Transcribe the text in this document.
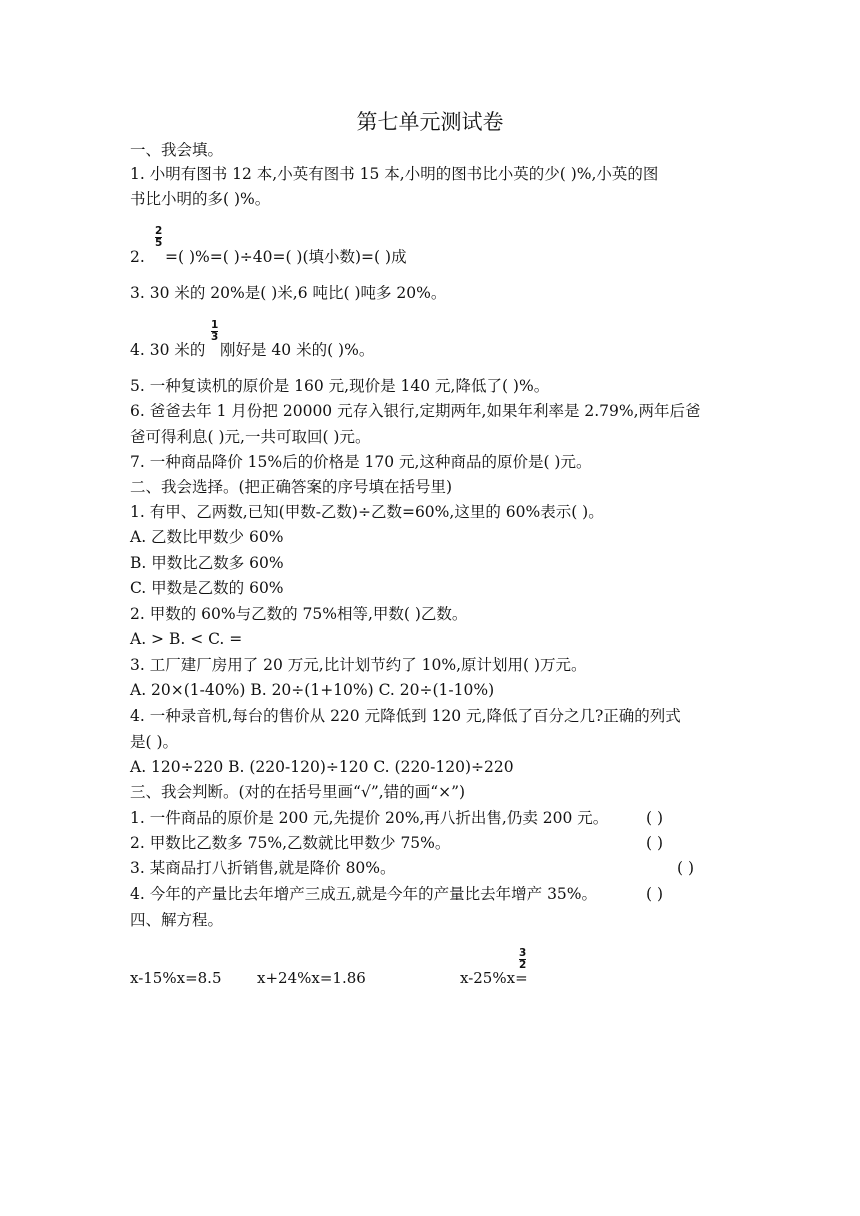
第七单元测试卷
一、我会填。
1. 小明有图书 12 本,小英有图书 15 本,小明的图书比小英的少( )%,小英的图
书比小明的多( )%。
2.
2
5
=( )%=( )÷40=( )(填小数)=( )成
3. 30 米的 20%是( )米,6 吨比( )吨多 20%。
4. 30 米的
1
3
刚好是 40 米的( )%。
5. 一种复读机的原价是 160 元,现价是 140 元,降低了( )%。
6. 爸爸去年 1 月份把 20000 元存入银行,定期两年,如果年利率是 2.79%,两年后爸
爸可得利息( )元,一共可取回( )元。
7. 一种商品降价 15%后的价格是 170 元,这种商品的原价是( )元。
二、我会选择。(把正确答案的序号填在括号里)
1. 有甲、乙两数,已知(甲数-乙数)÷乙数=60%,这里的 60%表示( )。
A. 乙数比甲数少 60%
B. 甲数比乙数多 60%
C. 甲数是乙数的 60%
2. 甲数的 60%与乙数的 75%相等,甲数( )乙数。
A. > B. < C. =
3. 工厂建厂房用了 20 万元,比计划节约了 10%,原计划用( )万元。
A. 20×(1-40%) B. 20÷(1+10%) C. 20÷(1-10%)
4. 一种录音机,每台的售价从 220 元降低到 120 元,降低了百分之几?正确的列式
是( )。
A. 120÷220 B. (220-120)÷120 C. (220-120)÷220
三、我会判断。(对的在括号里画“√”,错的画“×”)
1. 一件商品的原价是 200 元,先提价 20%,再八折出售,仍卖 200 元。 ( )
2. 甲数比乙数多 75%,乙数就比甲数少 75%。	( )
3. 某商品打八折销售,就是降价 80%。	( )
4. 今年的产量比去年增产三成五,就是今年的产量比去年增产 35%。	( )
四、解方程。
x-15%x=8.5 x+24%x=1.86	x-25%x=
3
2
